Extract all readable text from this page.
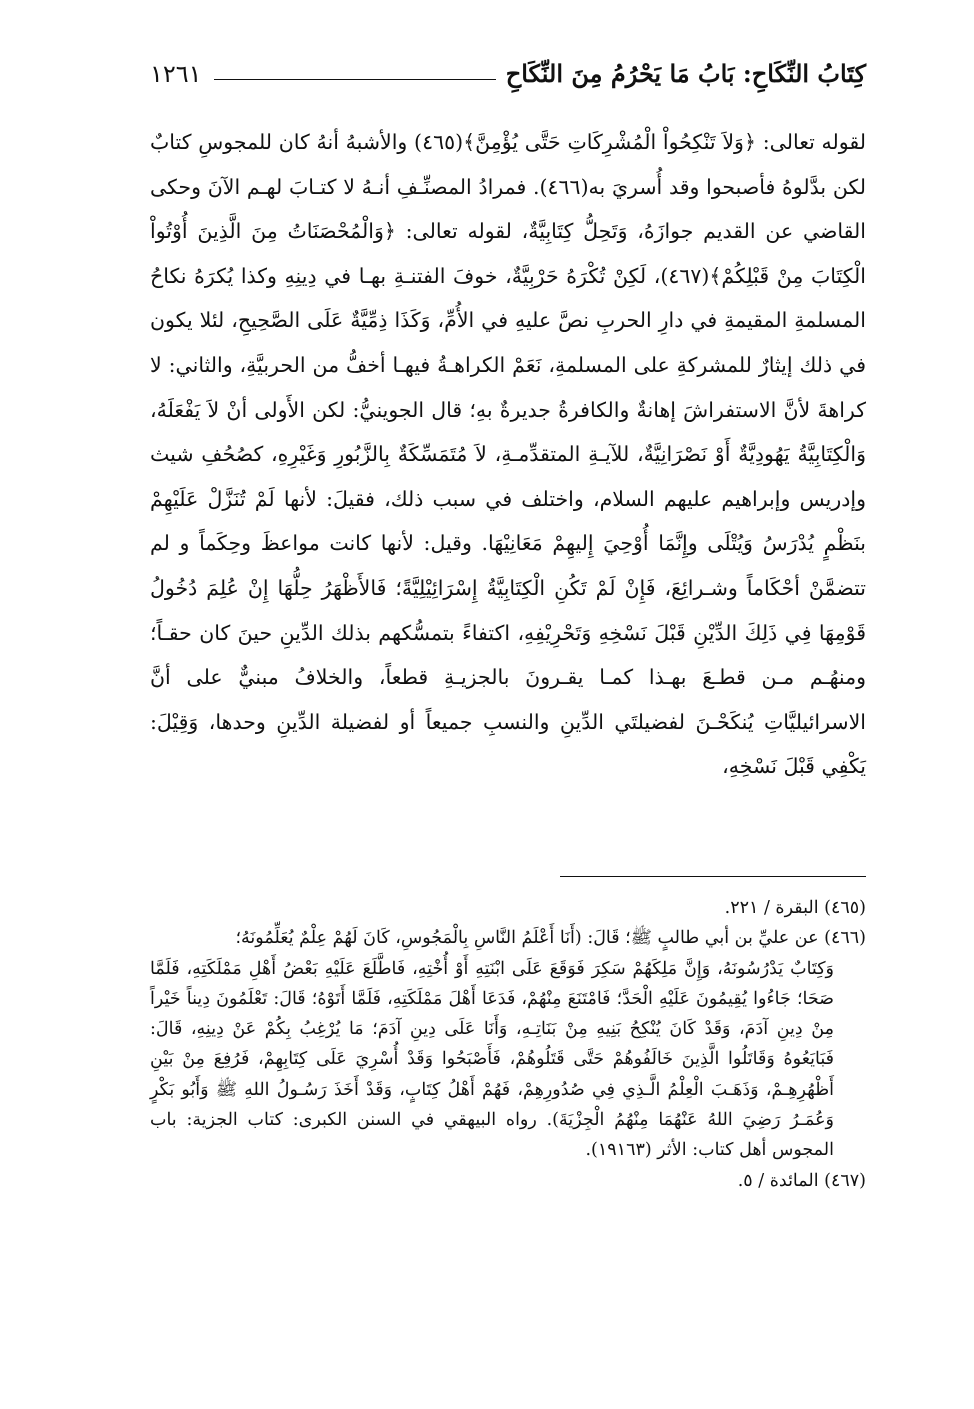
كِتَابُ النِّكَاحِ: بَابُ مَا يَحْرُمُ مِنَ النِّكَاحِ
١٢٦١

لقوله تعالى: ﴿وَلاَ تَنْكِحُواْ الْمُشْرِكَاتِ حَتَّى يُؤْمِنَّ﴾(٤٦٥) والأشبهُ أنهُ كان للمجوسِ كتابٌ لكن بدَّلوهُ فأصبحوا وقد أُسريَ به(٤٦٦). فمرادُ المصنِّـفِ أنـهُ لا كتـابَ لهـم الآنَ وحكى القاضي عن القديم جوازَهُ، وَتَحِلُّ كِتَابِيَّةٌ، لقوله تعالى: ﴿وَالْمُحْصَنَاتُ مِنَ الَّذِينَ أُوْتُواْ الْكِتَابَ مِنْ قَبْلِكُمْ﴾(٤٦٧)، لَكِنْ تُكْرَهُ حَرْبِيَّةٌ، خوفَ الفتنـةِ بهـا في دِينِهِ وكذا يُكرَهُ نكاحُ المسلمةِ المقيمةِ في دارِ الحربِ نصَّ عليهِ في الأُمِّ، وَكَذَا ذِمِّيَّةٌ عَلَى الصَّحِيحِ، لئلا يكون في ذلك إيثارٌ للمشركةِ على المسلمةِ، نَعَمْ الكراهـةُ فيهـا أخفُّ من الحربيَّةِ، والثاني: لا كراهةَ لأنَّ الاستفراشَ إهانةٌ والكافرةُ جديرةٌ بهِ؛ قال الجوينيُّ: لكن الأَولى أنْ لاَ يَفْعَلَهُ، وَالْكِتَابِيَّةُ يَهُودِيَّةٌ أَوْ نَصْرَانِيَّةٌ، للآيـةِ المتقدِّمـةِ، لاَ مُتَمَسِّكَةٌ بِالزَّبُورِ وَغَيْرِهِ، كصُحُفِ شيث وإدريس وإبراهيم عليهم السلام، واختلف في سبب ذلك، فقيلَ: لأنها لَمْ تُنَزَّلْ عَلَيْهِمْ بنَظْمٍ يُدْرَسُ وَيُتْلَى وإِنَّمَا أُوْحِيَ إِليهِمْ مَعَانِيْهَا. وقيل: لأنها كانت مواعظَ وحِكَماً و لم تتضمَّنْ أحْكَاماً وشـرائِعَ، فَإِنْ لَمْ تَكُنِ الْكِتَابِيَّةُ إِسْرَائِيْلِيَّةً؛ فَالأَظْهَرُ حِلُّهَا إِنْ عُلِمَ دُخُولُ قَوْمِهَا فِي ذَلِكَ الدِّيْنِ قَبْلَ نَسْخِهِ وَتَحْرِيْفِهِ، اكتفاءً بتمسُّكهم بذلك الدِّينِ حينَ كان حقـاً؛ ومنهُـم مـن قطـعَ بهـذا كمـا يقـرونَ بالجزيـةِ قطعاً، والخلافُ مبنيٌّ على أنَّ الاسرائيليَّاتِ يُنكَحْـنَ لفضيلتَي الدِّينِ والنسبِ جميعاً أو لفضيلة الدِّينِ وحدها، وَقِيْلَ: يَكْفِي قَبْلَ نَسْخِهِ،

(٤٦٥) البقرة / ٢٢١.

(٤٦٦) عن عليِّ بن أبي طالبٍ ﷺ؛ قَالَ: (أَنَا أَعْلَمُ النَّاسِ بِالْمَجُوسِ، كَانَ لَهُمْ عِلْمٌ يُعَلِّمُونَهُ؛

وَكِتَابٌ يَدْرُسُونَهُ، وَإِنَّ مَلِكَهُمْ سَكِرَ فَوَقَعَ عَلَى ابْنَتِهِ أَوْ أُخْتِهِ، فَاطَّلَعَ عَلَيْهِ بَعْضُ أَهْلِ مَمْلَكَتِهِ، فَلَمَّا صَحَا؛ جَاءُوا يُقِيمُونَ عَلَيْهِ الْحَدَّ؛ فَامْتَنَعَ مِنْهُمْ، فَدَعَا أَهْلَ مَمْلَكَتِهِ، فَلَمَّا أَتَوْهُ؛ قَالَ: تَعْلَمُونَ دِيناً خَيْراً مِنْ دِينِ آدَمَ، وَقَدْ كَانَ يُنْكِحُ بَنِيهِ مِنْ بَنَاتِـهِ، وَأَنَا عَلَى دِينِ آدَمَ؛ مَا يُرْغِبُ بِكُمْ عَنْ دِينِهِ، قَالَ: فَبَايَعُوهُ وَقَاتَلُوا الَّذِينَ خَالَفُوهُمْ حَتَّى قَتَلُوهُمْ، فَأَصْبَحُوا وَقَدْ أُسْرِيَ عَلَى كِتَابِهِمْ، فَرُفِعَ مِنْ بَيْنِ أَظْهُرِهِـمْ، وَذَهَـبَ الْعِلْمُ الَّـذِي فِي صُدُورِهِمْ، فَهُمْ أَهْلُ كِتَابٍ، وَقَدْ أَخَذَ رَسُـولُ اللهِ ﷺ وَأَبُو بَكْرٍ وَعُمَـرُ رَضِيَ اللهُ عَنْهُمَا مِنْهُمُ الْجِزْيَةَ). رواه البيهقي في السنن الكبرى: كتاب الجزية: باب المجوس أهل كتاب: الأثر (١٩١٦٣).

(٤٦٧) المائدة / ٥.
